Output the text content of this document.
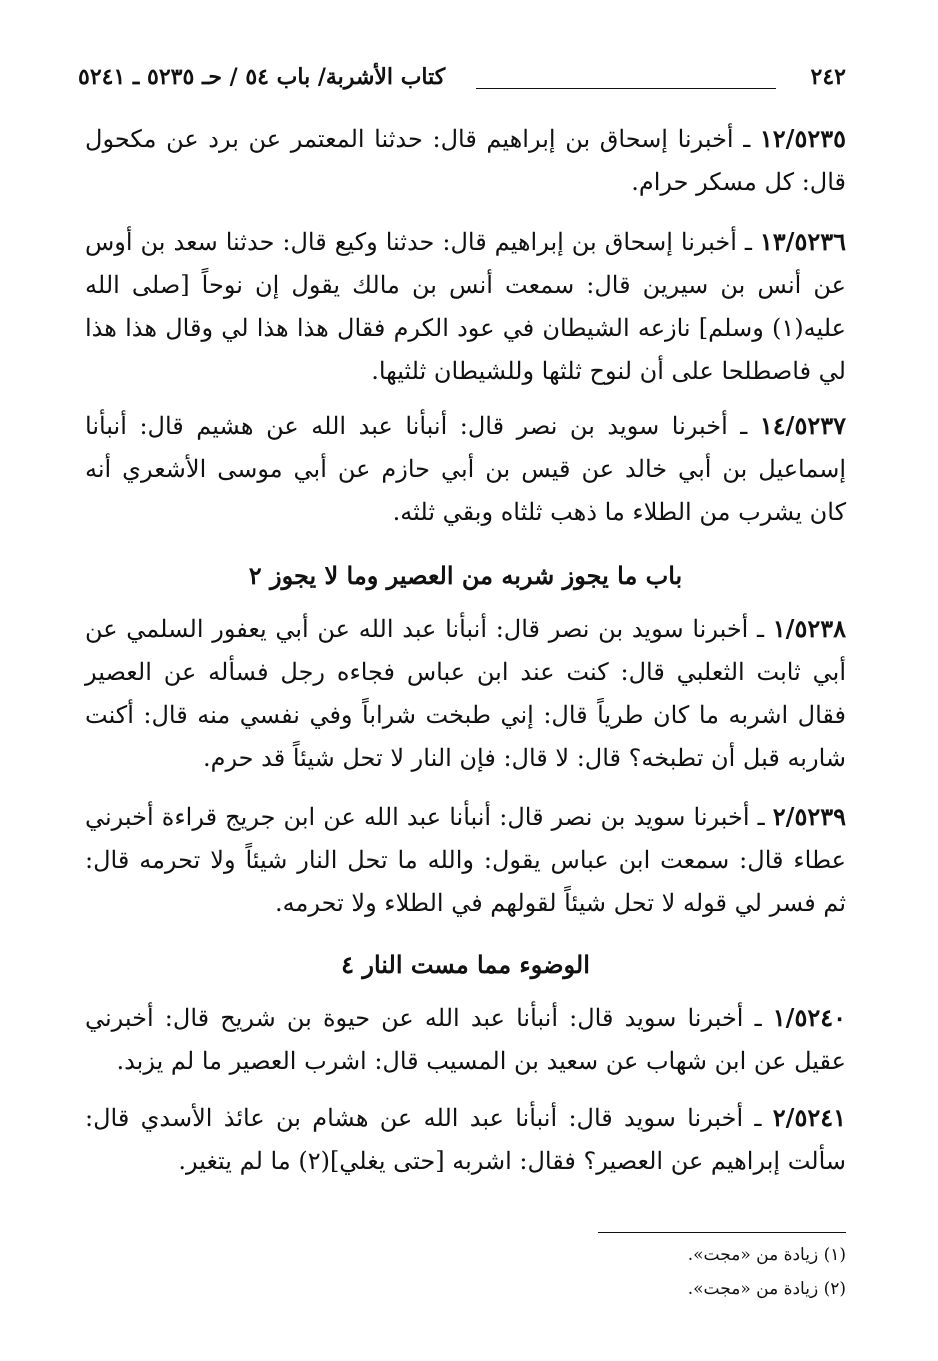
٢٤٢
كتاب الأشربة/ باب ٥٤ / حـ ٥٢٣٥ ـ ٥٢٤١
١٢/٥٢٣٥ ـ أخبرنا إسحاق بن إبراهيم قال: حدثنا المعتمر عن برد عن مكحول قال: كل مسكر حرام.
١٣/٥٢٣٦ ـ أخبرنا إسحاق بن إبراهيم قال: حدثنا وكيع قال: حدثنا سعد بن أوس عن أنس بن سيرين قال: سمعت أنس بن مالك يقول إن نوحاً [صلى الله عليه(١) وسلم] نازعه الشيطان في عود الكرم فقال هذا هذا لي وقال هذا هذا لي فاصطلحا على أن لنوح ثلثها وللشيطان ثلثيها.
١٤/٥٢٣٧ ـ أخبرنا سويد بن نصر قال: أنبأنا عبد الله عن هشيم قال: أنبأنا إسماعيل بن أبي خالد عن قيس بن أبي حازم عن أبي موسى الأشعري أنه كان يشرب من الطلاء ما ذهب ثلثاه وبقي ثلثه.
باب ما يجوز شربه من العصير وما لا يجوز ٢
١/٥٢٣٨ ـ أخبرنا سويد بن نصر قال: أنبأنا عبد الله عن أبي يعفور السلمي عن أبي ثابت الثعلبي قال: كنت عند ابن عباس فجاءه رجل فسأله عن العصير فقال اشربه ما كان طرياً قال: إني طبخت شراباً وفي نفسي منه قال: أكنت شاربه قبل أن تطبخه؟ قال: لا قال: فإن النار لا تحل شيئاً قد حرم.
٢/٥٢٣٩ ـ أخبرنا سويد بن نصر قال: أنبأنا عبد الله عن ابن جريج قراءة أخبرني عطاء قال: سمعت ابن عباس يقول: والله ما تحل النار شيئاً ولا تحرمه قال: ثم فسر لي قوله لا تحل شيئاً لقولهم في الطلاء ولا تحرمه.
الوضوء مما مست النار ٤
١/٥٢٤٠ ـ أخبرنا سويد قال: أنبأنا عبد الله عن حيوة بن شريح قال: أخبرني عقيل عن ابن شهاب عن سعيد بن المسيب قال: اشرب العصير ما لم يزبد.
٢/٥٢٤١ ـ أخبرنا سويد قال: أنبأنا عبد الله عن هشام بن عائذ الأسدي قال: سألت إبراهيم عن العصير؟ فقال: اشربه [حتى يغلي](٢) ما لم يتغير.
(١) زيادة من «مجت».
(٢) زيادة من «مجت».
